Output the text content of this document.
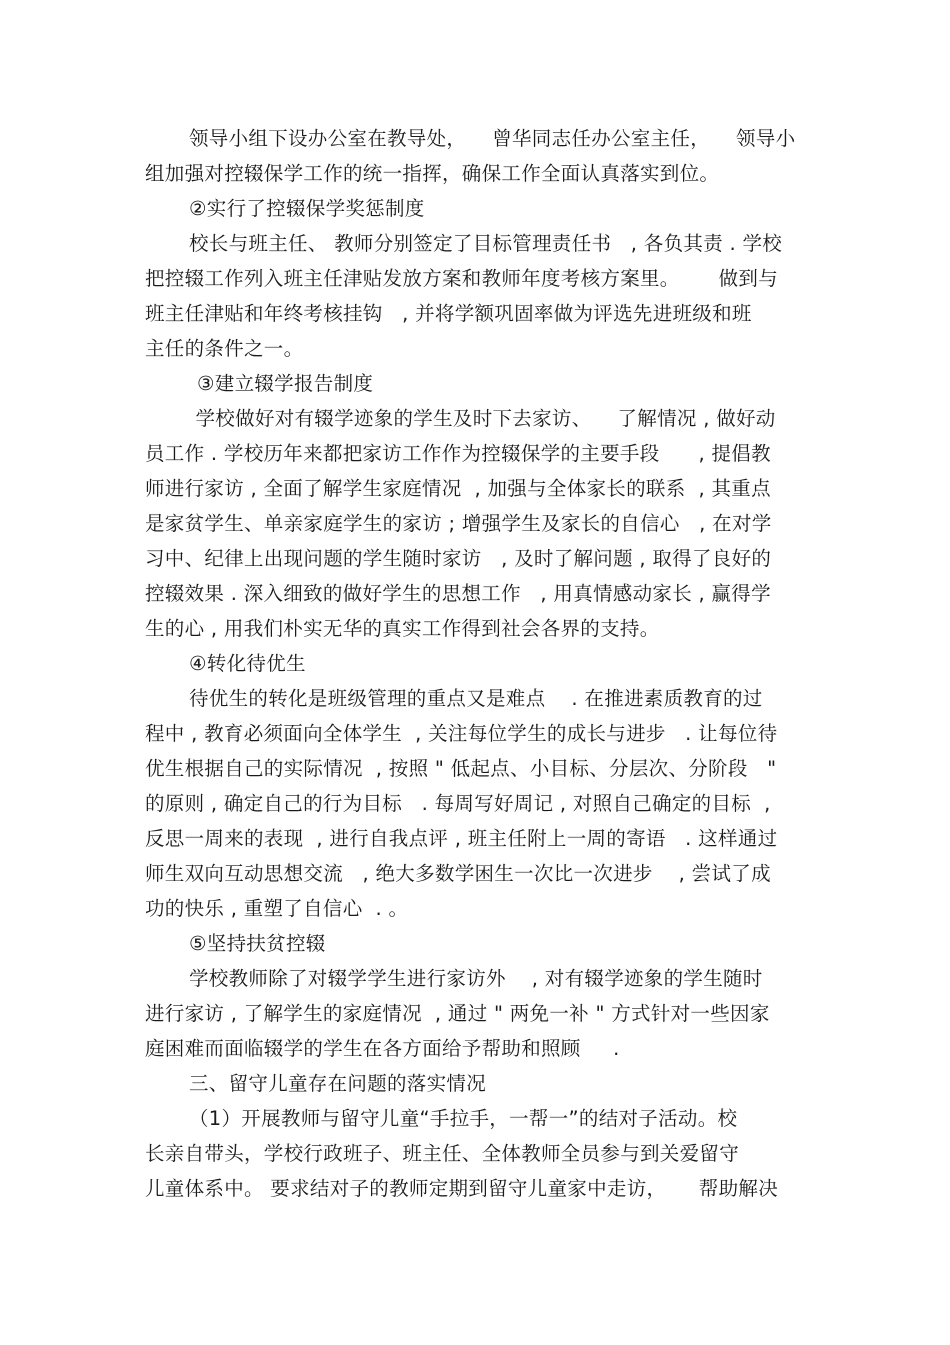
领导小组下设办公室在教导处，    曾华同志任办公室主任，    领导小
组加强对控辍保学工作的统一指挥，确保工作全面认真落实到位。
②实行了控辍保学奖惩制度
校长与班主任、 教师分别签定了目标管理责任书   , 各负其责 . 学校
把控辍工作列入班主任津贴发放方案和教师年度考核方案里。      做到与
班主任津贴和年终考核挂钩   , 并将学额巩固率做为评选先进班级和班
主任的条件之一。
③建立辍学报告制度
学校做好对有辍学迹象的学生及时下去家访、    了解情况 , 做好动
员工作 . 学校历年来都把家访工作作为控辍保学的主要手段      , 提倡教
师进行家访 , 全面了解学生家庭情况  , 加强与全体家长的联系  , 其重点
是家贫学生、单亲家庭学生的家访 ; 增强学生及家长的自信心   , 在对学
习中、纪律上出现问题的学生随时家访   , 及时了解问题 , 取得了良好的
控辍效果 . 深入细致的做好学生的思想工作   , 用真情感动家长 , 赢得学
生的心 , 用我们朴实无华的真实工作得到社会各界的支持。
④转化待优生
待优生的转化是班级管理的重点又是难点    . 在推进素质教育的过
程中 , 教育必须面向全体学生  , 关注每位学生的成长与进步   . 让每位待
优生根据自己的实际情况  , 按照 " 低起点、小目标、分层次、分阶段   "
的原则 , 确定自己的行为目标   . 每周写好周记 , 对照自己确定的目标  ,
反思一周来的表现  , 进行自我点评 , 班主任附上一周的寄语   . 这样通过
师生双向互动思想交流   , 绝大多数学困生一次比一次进步    , 尝试了成
功的快乐 , 重塑了自信心  . 。
⑤坚持扶贫控辍
学校教师除了对辍学学生进行家访外    , 对有辍学迹象的学生随时
进行家访 , 了解学生的家庭情况  , 通过 " 两免一补 " 方式针对一些因家
庭困难而面临辍学的学生在各方面给予帮助和照顾     .
三、留守儿童存在问题的落实情况
（1）开展教师与留守儿童“手拉手，一帮一”的结对子活动。校
长亲自带头，学校行政班子、班主任、全体教师全员参与到关爱留守
儿童体系中。 要求结对子的教师定期到留守儿童家中走访，     帮助解决
